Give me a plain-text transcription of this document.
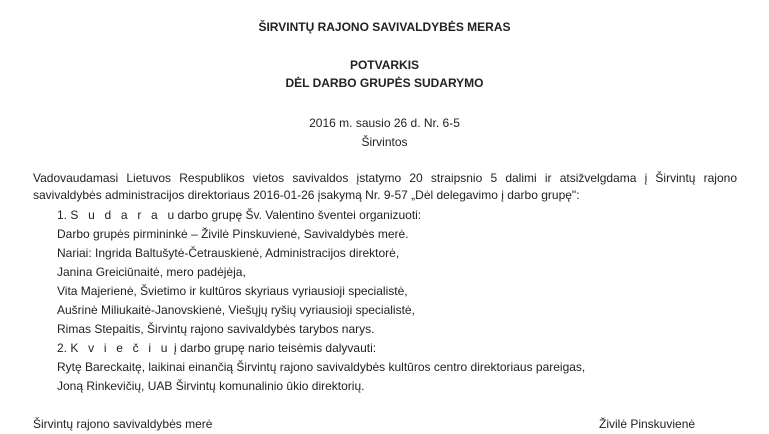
ŠIRVINTŲ RAJONO SAVIVALDYBĖS MERAS
POTVARKIS
DĖL DARBO GRUPĖS SUDARYMO
2016 m. sausio 26 d. Nr. 6-5
Širvintos
Vadovaudamasi Lietuvos Respublikos vietos savivaldos įstatymo 20 straipsnio 5 dalimi ir atsižvelgdama į Širvintų rajono savivaldybės administracijos direktoriaus 2016-01-26 įsakymą Nr. 9-57 „Dėl delegavimo į darbo grupę":
1. S u d a r a u darbo grupę Šv. Valentino šventei organizuoti:
Darbo grupės pirmininkė – Živilė Pinskuvienė, Savivaldybės merė.
Nariai: Ingrida Baltušytė-Četrauskienė, Administracijos direktorė,
Janina Greiciūnaitė, mero padėjėja,
Vita Majerienė, Švietimo ir kultūros skyriaus vyriausioji specialistė,
Aušrinė Miliukaitė-Janovskienė, Viešųjų ryšių vyriausioji specialistė,
Rimas Stepaitis, Širvintų rajono savivaldybės tarybos narys.
2. K v i e č i u į darbo grupę nario teisėmis dalyvauti:
Rytę Bareckaitę, laikinai einančią Širvintų rajono savivaldybės kultūros centro direktoriaus pareigas,
Joną Rinkevičių, UAB Širvintų komunalinio ūkio direktorių.
Širvintų rajono savivaldybės merė	Živilė Pinskuvienė
